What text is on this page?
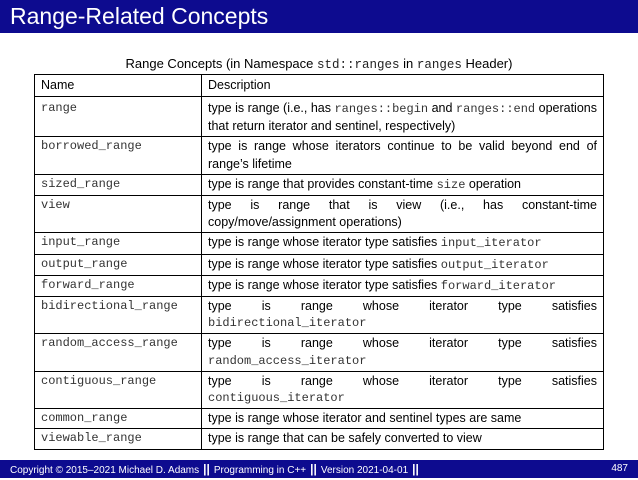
Range-Related Concepts
Range Concepts (in Namespace std::ranges in ranges Header)
Name	Description
range	type is range (i.e., has ranges::begin and ranges::end operations that return iterator and sentinel, respectively)
borrowed_range	type is range whose iterators continue to be valid beyond end of range’s lifetime
sized_range	type is range that provides constant-time size operation
view	type is range that is view (i.e., has constant-time copy/move/assignment operations)
input_range	type is range whose iterator type satisfies input_iterator
output_range	type is range whose iterator type satisfies output_iterator
forward_range	type is range whose iterator type satisfies forward_iterator
bidirectional_range	type is range whose iterator type satisfies
bidirectional_iterator

random_access_range	type is range whose iterator type satisfies
random_access_iterator

contiguous_range	type is range whose iterator type satisfies
contiguous_iterator

common_range	type is range whose iterator and sentinel types are same
viewable_range	type is range that can be safely converted to view
Copyright © 2015–2021 Michael D. Adams || Programming in C++ || Version 2021-04-01 ||	487
